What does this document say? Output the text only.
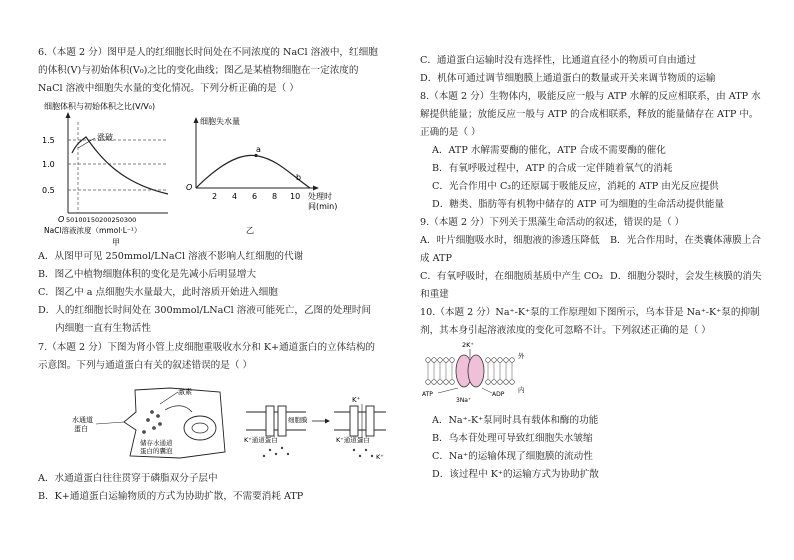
6.（本题 2 分）图甲是人的红细胞长时间处在不同浓度的 NaCl 溶液中，红细胞
的体积(V)与初始体积(V₀)之比的变化曲线；图乙是某植物细胞在一定浓度的
NaCl 溶液中细胞失水量的变化情况。下列分析正确的是（ ）
细胞体积与初始体积之比(V/V₀)
1.5
1.0
0.5
涨破
O 50100150200250300
NaCl溶液浓度（mmol·L⁻¹）
甲
细胞失水量
a
b
O
2 4 6 8 10 处理时
间(min)
乙
A．从图甲可见 250mmol/LNaCl 溶液不影响人红细胞的代谢
B．图乙中植物细胞体积的变化是先减小后明显增大
C．图乙中 a 点细胞失水量最大，此时溶质开始进入细胞
D．人的红细胞长时间处在 300mmol/LNaCl 溶液可能死亡，乙图的处理时间
内细胞一直有生物活性
7.（本题 2 分）下图为肾小管上皮细胞重吸收水分和 K+通道蛋白的立体结构的
示意图。下列与通道蛋白有关的叙述错误的是（ ）
激素
水通道
蛋白
储存水通道
蛋白的囊泡
细胞膜
K⁺通道蛋白
K⁺
K⁺通道蛋白
K⁺
A．水通道蛋白往往贯穿于磷脂双分子层中
B．K+通道蛋白运输物质的方式为协助扩散，不需要消耗 ATP
C．通道蛋白运输时没有选择性，比通道直径小的物质可自由通过
D．机体可通过调节细胞膜上通道蛋白的数量或开关来调节物质的运输
8.（本题 2 分）生物体内，吸能反应一般与 ATP 水解的反应相联系，由 ATP 水
解提供能量；放能反应一般与 ATP 的合成相联系，释放的能量储存在 ATP 中。
正确的是（ ）
A．ATP 水解需要酶的催化，ATP 合成不需要酶的催化
B．有氧呼吸过程中，ATP 的合成一定伴随着氧气的消耗
C．光合作用中 C₃的还原属于吸能反应，消耗的 ATP 由光反应提供
D．糖类、脂肪等有机物中储存的 ATP 可为细胞的生命活动提供能量
9.（本题 2 分）下列关于黑藻生命活动的叙述，错误的是（ ）
A．叶片细胞吸水时，细胞液的渗透压降低 B．光合作用时，在类囊体薄膜上合
成 ATP
C．有氧呼吸时，在细胞质基质中产生 CO₂ D．细胞分裂时，会发生核膜的消失
和重建
10.（本题 2 分）Na⁺-K⁺泵的工作原理如下图所示，乌本苷是 Na⁺-K⁺泵的抑制
剂，其本身引起溶液浓度的变化可忽略不计。下列叙述正确的是（ ）
2K⁺
外
内
ATP
3Na⁺
ADP
A．Na⁺-K⁺泵同时具有载体和酶的功能
B．乌本苷处理可导致红细胞失水皱缩
C．Na⁺的运输体现了细胞膜的流动性
D．该过程中 K⁺的运输方式为协助扩散
